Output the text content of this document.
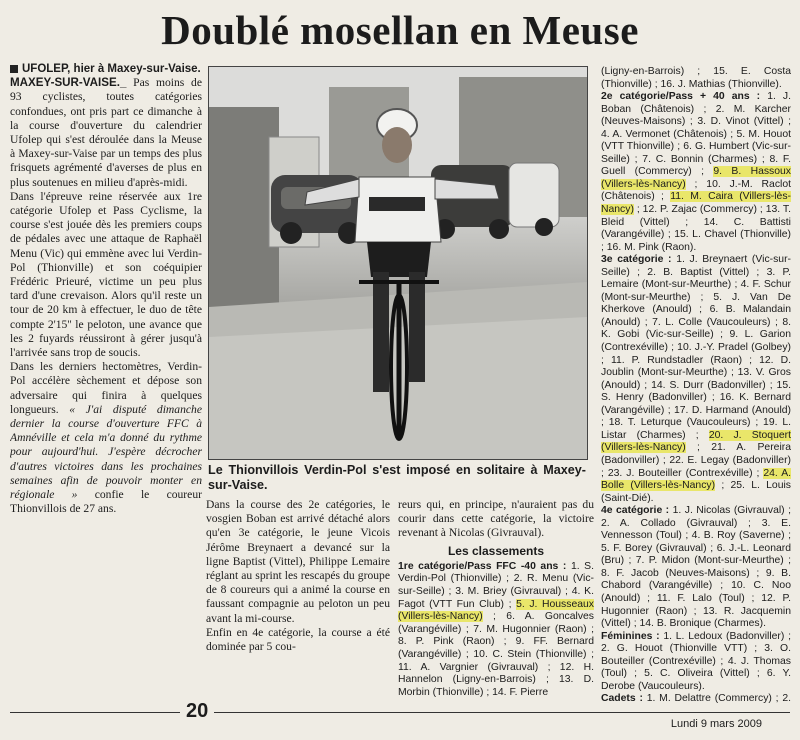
Doublé mosellan en Meuse

UFOLEP, hier à Maxey-sur-Vaise.

MAXEY-SUR-VAISE._ Pas moins de 93 cyclistes, toutes catégories confondues, ont pris part ce dimanche à la course d'ouverture du calendrier Ufolep qui s'est déroulée dans la Meuse à Maxey-sur-Vaise par un temps des plus frisquets agrémenté d'averses de plus en plus soutenues en milieu d'après-midi.

Dans l'épreuve reine réservée aux 1re catégorie Ufolep et Pass Cyclisme, la course s'est jouée dès les premiers coups de pédales avec une attaque de Raphaël Menu (Vic) qui emmène avec lui Verdin-Pol (Thionville) et son coéquipier Frédéric Prieuré, victime un peu plus tard d'une crevaison. Alors qu'il reste un tour de 20 km à effectuer, le duo de tête compte 2'15'' le peloton, une avance que les 2 fuyards réussiront à gérer jusqu'à l'arrivée sans trop de soucis.

Dans les derniers hectomètres, Verdin-Pol accélère sèchement et dépose son adversaire qui finira à quelques longueurs. « J'ai disputé dimanche dernier la course d'ouverture FFC à Amnéville et cela m'a donné du rythme pour aujourd'hui. J'espère décrocher d'autres victoires dans les prochaines semaines afin de pouvoir monter en régionale » confie le coureur Thionvillois de 27 ans.

Le Thionvillois Verdin-Pol s'est imposé en solitaire à Maxey-sur-Vaise.

Dans la course des 2e catégories, le vosgien Boban est arrivé détaché alors qu'en 3e catégorie, le jeune Vicois Jérôme Breynaert a devancé sur la ligne Baptist (Vittel), Philippe Lemaire réglant au sprint les rescapés du groupe de 8 coureurs qui a animé la course en faussant compagnie au peloton un peu avant la mi-course.

Enfin en 4e catégorie, la course a été dominée par 5 cou-

reurs qui, en principe, n'auraient pas du courir dans cette catégorie, la victoire revenant à Nicolas (Givrauval).

Les classements

1re catégorie/Pass FFC -40 ans : 1. S. Verdin-Pol (Thionville) ; 2. R. Menu (Vic-sur-Seille) ; 3. M. Briey (Givrauval) ; 4. K. Fagot (VTT Fun Club) ; 5. J. Housseaux (Villers-lès-Nancy) ; 6. A. Goncalves (Varangéville) ; 7. M. Hugonnier (Raon) ; 8. P. Pink (Raon) ; 9. FF. Bernard (Varangéville) ; 10. C. Stein (Thionville) ; 11. A. Vargnier (Givrauval) ; 12. H. Hannelon (Ligny-en-Barrois) ; 13. D. Morbin (Thionville) ; 14. F. Pierre

(Ligny-en-Barrois) ; 15. E. Costa (Thionville) ; 16. J. Mathias (Thionville).

2e catégorie/Pass + 40 ans : 1. J. Boban (Châtenois) ; 2. M. Karcher (Neuves-Maisons) ; 3. D. Vinot (Vittel) ; 4. A. Vermonet (Châtenois) ; 5. M. Houot (VTT Thionville) ; 6. G. Humbert (Vic-sur-Seille) ; 7. C. Bonnin (Charmes) ; 8. F. Guell (Commercy) ; 9. B. Hassoux (Villers-lès-Nancy) ; 10. J.-M. Raclot (Châtenois) ; 11. M. Caira (Villers-lès-Nancy) ; 12. P. Zajac (Commercy) ; 13. T. Bleid (Vittel) ; 14. C. Battisti (Varangéville) ; 15. L. Chavel (Thionville) ; 16. M. Pink (Raon).

3e catégorie : 1. J. Breynaert (Vic-sur-Seille) ; 2. B. Baptist (Vittel) ; 3. P. Lemaire (Mont-sur-Meurthe) ; 4. F. Schur (Mont-sur-Meurthe) ; 5. J. Van De Kherkove (Anould) ; 6. B. Malandain (Anould) ; 7. L. Colle (Vaucouleurs) ; 8. K. Gobi (Vic-sur-Seille) ; 9. L. Garion (Contrexéville) ; 10. J.-Y. Pradel (Golbey) ; 11. P. Rundstadler (Raon) ; 12. D. Joublin (Mont-sur-Meurthe) ; 13. V. Gros (Anould) ; 14. S. Durr (Badonviller) ; 15. S. Henry (Badonviller) ; 16. K. Bernard (Varangéville) ; 17. D. Harmand (Anould) ; 18. T. Leturque (Vaucouleurs) ; 19. L. Listar (Charmes) ; 20. J. Stoquert (Villers-lès-Nancy) ; 21. A. Pereira (Badonviller) ; 22. E. Legay (Badonviller) ; 23. J. Bouteiller (Contrexéville) ; 24. A. Bolle (Villers-lès-Nancy) ; 25. L. Louis (Saint-Dié).

4e catégorie : 1. J. Nicolas (Givrauval) ; 2. A. Collado (Givrauval) ; 3. E. Vennesson (Toul) ; 4. B. Roy (Saverne) ; 5. F. Borey (Givrauval) ; 6. J.-L. Leonard (Bru) ; 7. P. Midon (Mont-sur-Meurthe) ; 8. F. Jacob (Neuves-Maisons) ; 9. B. Chabord (Varangéville) ; 10. C. Noo (Anould) ; 11. F. Lalo (Toul) ; 12. P. Hugonnier (Raon) ; 13. R. Jacquemin (Vittel) ; 14. B. Bronique (Charmes).

Féminines : 1. L. Ledoux (Badonviller) ; 2. G. Houot (Thionville VTT) ; 3. O. Bouteiller (Contrexéville) ; 4. J. Thomas (Toul) ; 5. C. Oliveira (Vittel) ; 6. Y. Derobe (Vaucouleurs).

Cadets : 1. M. Delattre (Commercy) ; 2.

20
Lundi 9 mars 2009
